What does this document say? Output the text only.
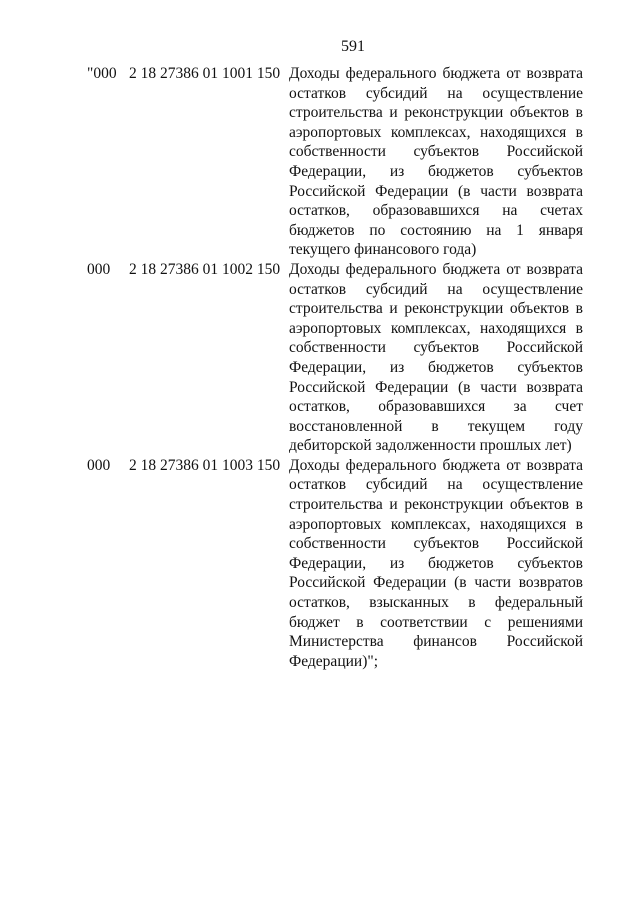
591
"000 2 18 27386 01 1001 150 Доходы федерального бюджета от возврата остатков субсидий на осуществление строительства и реконструкции объектов в аэропортовых комплексах, находящихся в собственности субъектов Российской Федерации, из бюджетов субъектов Российской Федерации (в части возврата остатков, образовавшихся на счетах бюджетов по состоянию на 1 января текущего финансового года)
000 2 18 27386 01 1002 150 Доходы федерального бюджета от возврата остатков субсидий на осуществление строительства и реконструкции объектов в аэропортовых комплексах, находящихся в собственности субъектов Российской Федерации, из бюджетов субъектов Российской Федерации (в части возврата остатков, образовавшихся за счет восстановленной в текущем году дебиторской задолженности прошлых лет)
000 2 18 27386 01 1003 150 Доходы федерального бюджета от возврата остатков субсидий на осуществление строительства и реконструкции объектов в аэропортовых комплексах, находящихся в собственности субъектов Российской Федерации, из бюджетов субъектов Российской Федерации (в части возвратов остатков, взысканных в федеральный бюджет в соответствии с решениями Министерства финансов Российской Федерации)";
